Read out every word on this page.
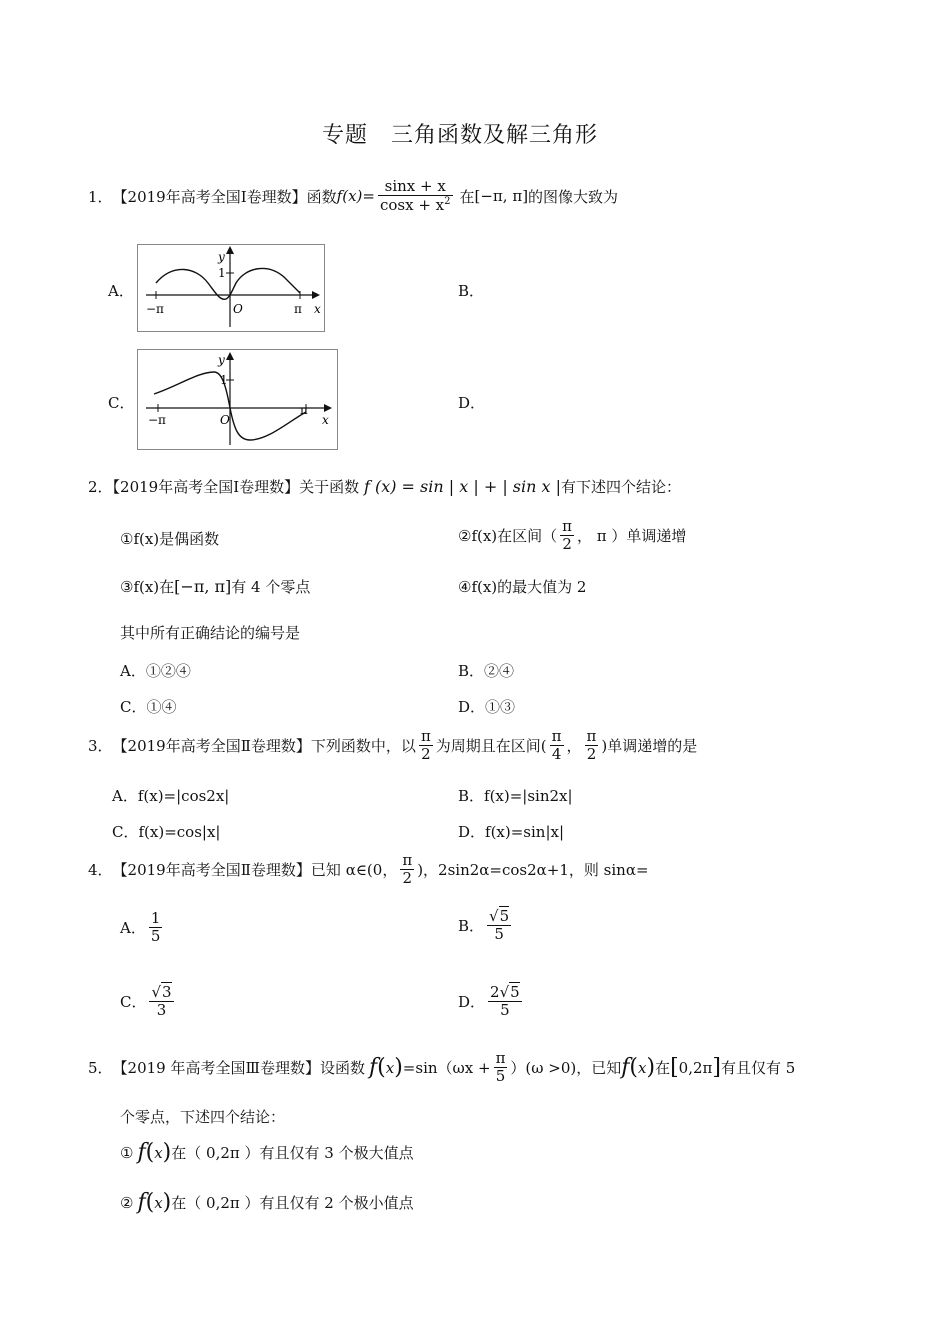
专题　三角函数及解三角形
1． 【2019年高考全国Ⅰ卷理数】 函数 $f(x)= \frac{\sin x + x}{\cos x + x^2}$ 在 [−π, π] 的图像大致为
A．	B．
C．	D．
y
x
1
O
−π	π
y
x
1
O
−π
π
2．【2019年高考全国Ⅰ卷理数】关于函数 f (x) = sin | x | + | sin x |有下述四个结论：
①f(x)是偶函数	②f(x)在区间（ $\frac{\pi}{2}$ ， π ）单调递增
③f(x)在[−π, π]有 4 个零点	④f(x)的最大值为 2
其中所有正确结论的编号是
A．①②④	B．②④
C．①④	D．①③
3． 【2019年高考全国Ⅱ卷理数】 下列函数中，以 $\frac{\pi}{2}$ 为周期且在区间( $\frac{\pi}{4}$ ， $\frac{\pi}{2}$ )单调递增的是
A．f(x)=|cos2x|	B．f(x)=|sin2x|
C．f(x)=cos|x|	D．f(x)=sin|x|
4． 【2019年高考全国Ⅱ卷理数】 已知 α∈(0， $\frac{\pi}{2}$ )，2sin2α=cos2α+1，则 sinα=
A． $\frac{1}{5}$	B． $\frac{√5}{5}$
C． $\frac{√3}{3}$	D． $\frac{2√5}{5}$
5． 【2019 年高考全国Ⅲ卷理数】 设函数 f ( x ) $=\sin(\omega x + \frac{\pi}{5} )(\omega >0)$，已知 f ( x ) 在 [ 0,2π ] 有且仅有 5
个零点，下述四个结论：
① f ( x ) 在（ 0,2π ）有且仅有 3 个极大值点
② f ( x ) 在（ 0,2π ）有且仅有 2 个极小值点
